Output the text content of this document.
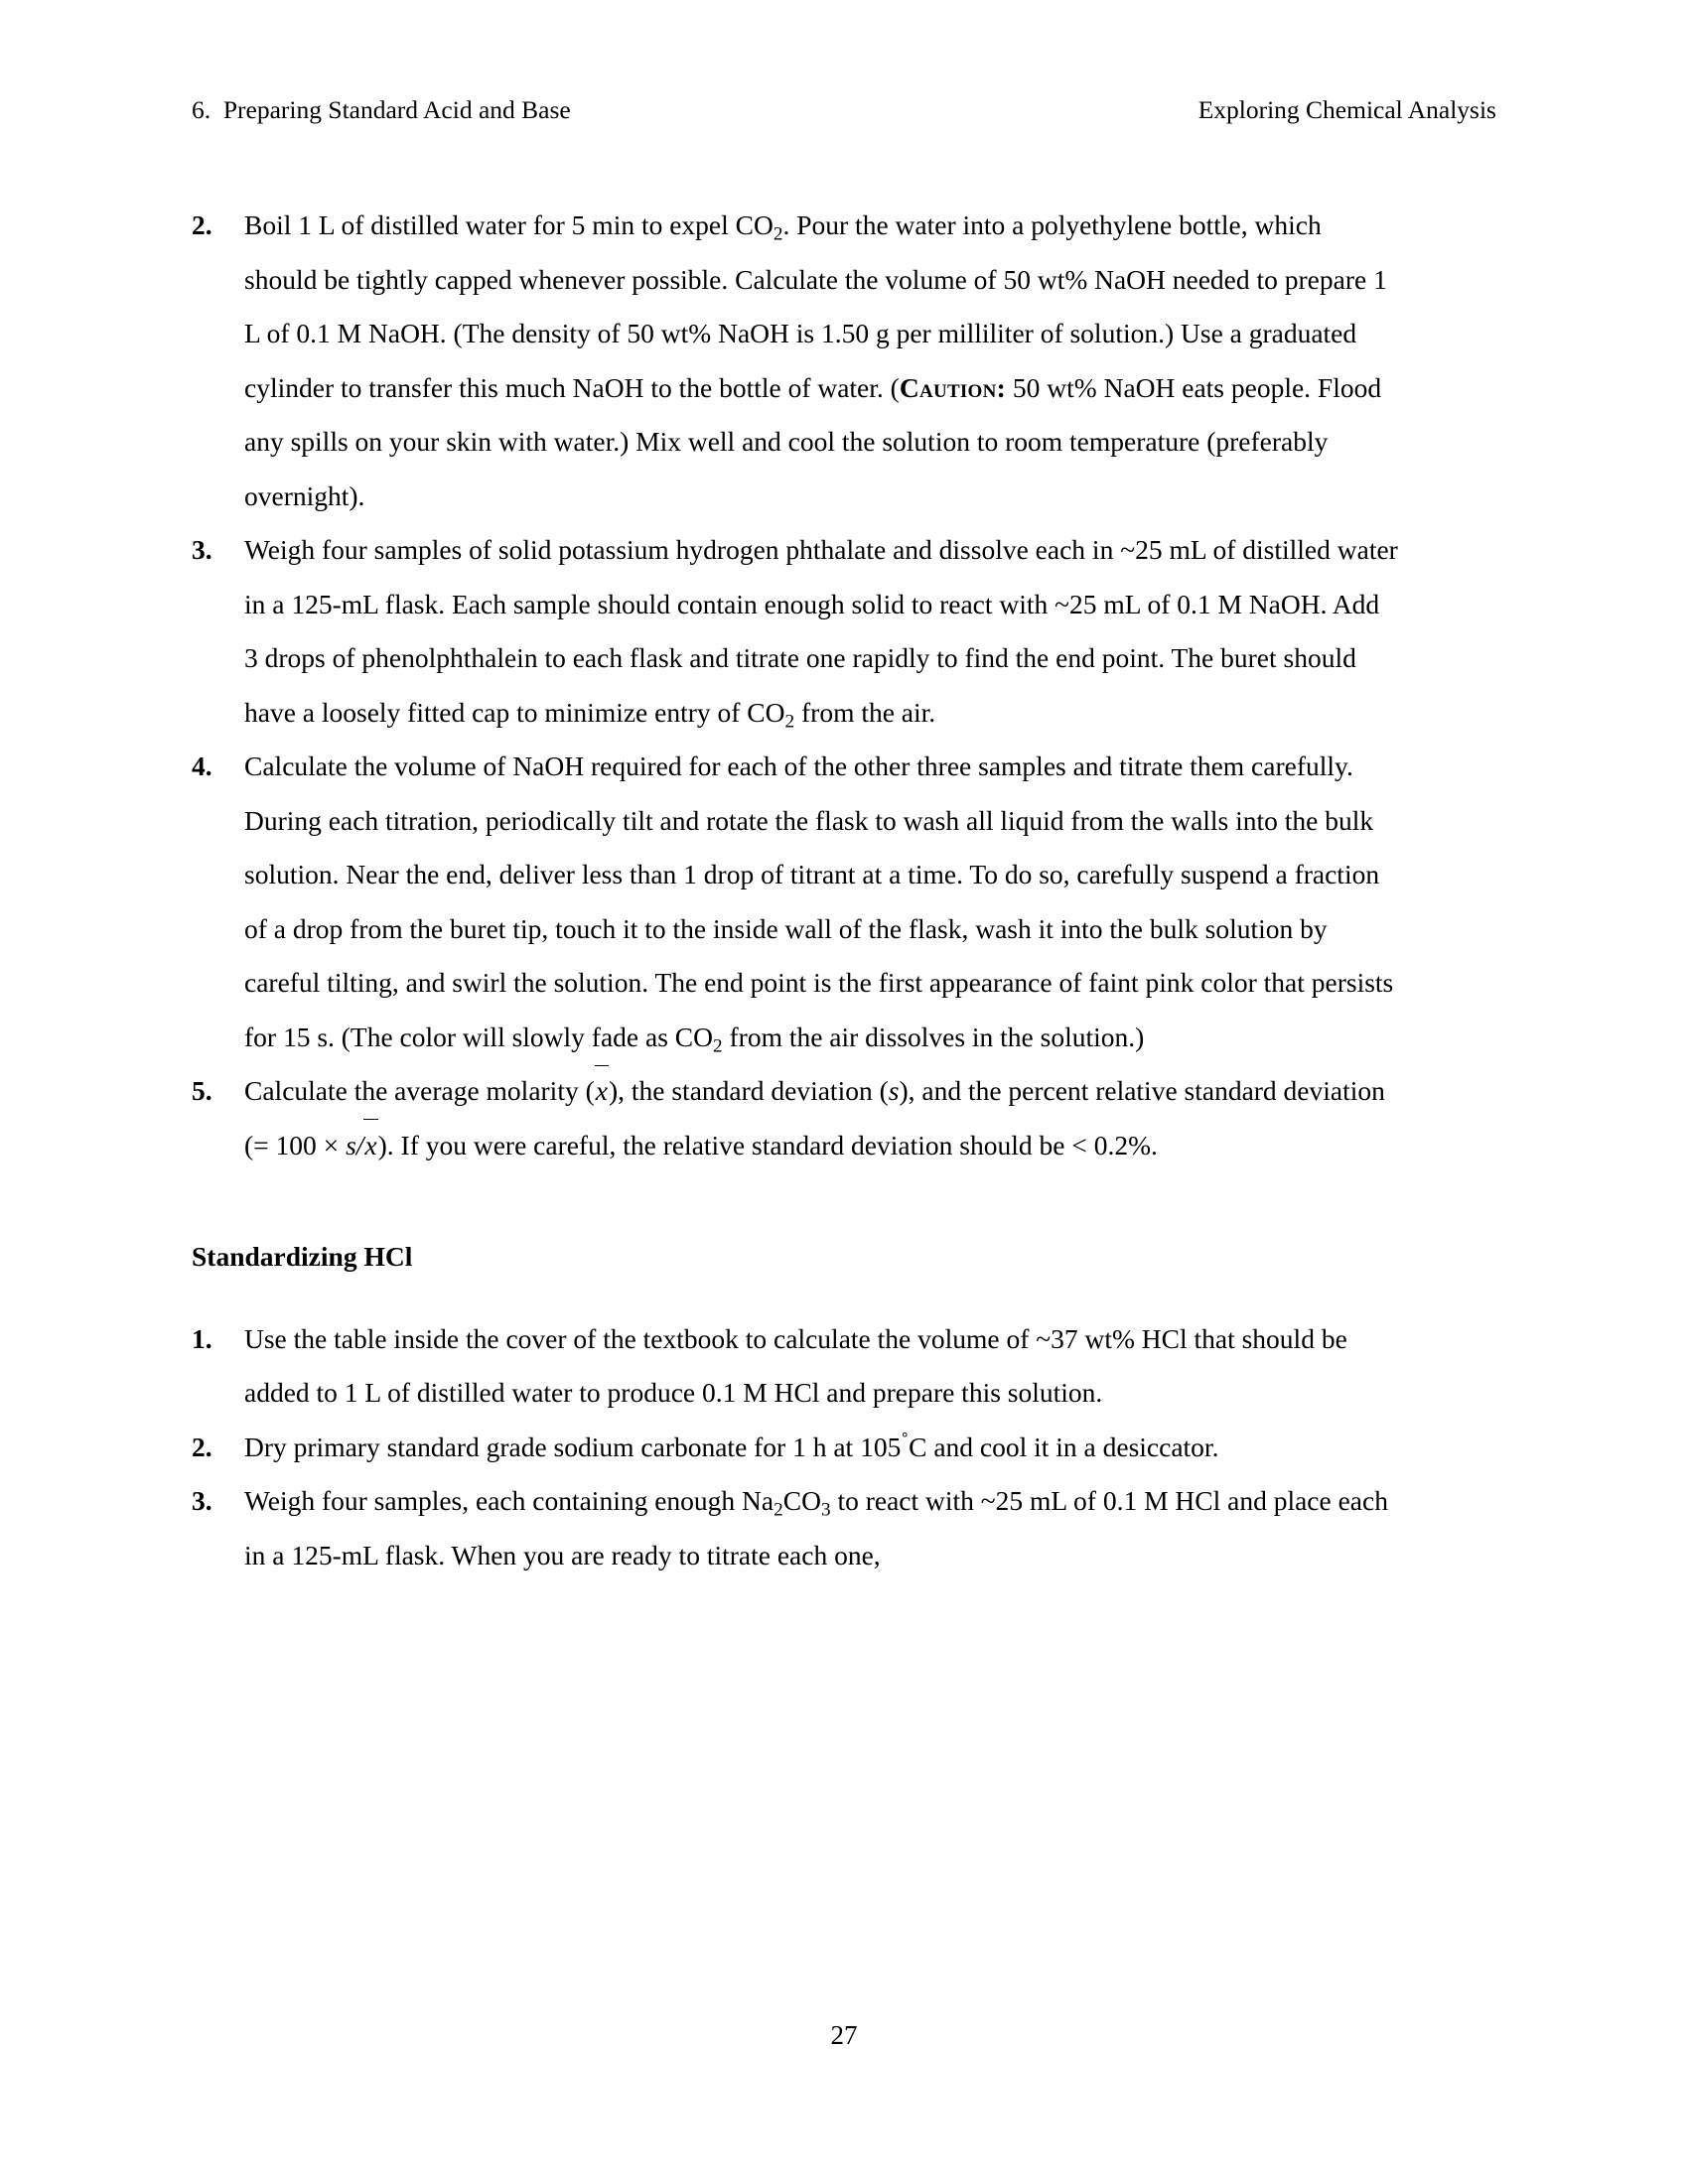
6.  Preparing Standard Acid and Base	Exploring Chemical Analysis
2. Boil 1 L of distilled water for 5 min to expel $CO_2$. Pour the water into a polyethylene bottle, which should be tightly capped whenever possible. Calculate the volume of 50 wt% NaOH needed to prepare 1 L of 0.1 M NaOH. (The density of 50 wt% NaOH is 1.50 g per milliliter of solution.) Use a graduated cylinder to transfer this much NaOH to the bottle of water. (Caution: 50 wt% NaOH eats people. Flood any spills on your skin with water.) Mix well and cool the solution to room temperature (preferably overnight).
3. Weigh four samples of solid potassium hydrogen phthalate and dissolve each in ~25 mL of distilled water in a 125-mL flask. Each sample should contain enough solid to react with ~25 mL of 0.1 M NaOH. Add 3 drops of phenolphthalein to each flask and titrate one rapidly to find the end point. The buret should have a loosely fitted cap to minimize entry of $CO_2$ from the air.
4. Calculate the volume of NaOH required for each of the other three samples and titrate them carefully. During each titration, periodically tilt and rotate the flask to wash all liquid from the walls into the bulk solution. Near the end, deliver less than 1 drop of titrant at a time. To do so, carefully suspend a fraction of a drop from the buret tip, touch it to the inside wall of the flask, wash it into the bulk solution by careful tilting, and swirl the solution. The end point is the first appearance of faint pink color that persists for 15 s. (The color will slowly fade as $CO_2$ from the air dissolves in the solution.)
5. Calculate the average molarity (x), the standard deviation (s), and the percent relative standard deviation (= 100 × s/x). If you were careful, the relative standard deviation should be < 0.2%.
Standardizing HCl
1. Use the table inside the cover of the textbook to calculate the volume of ~37 wt% HCl that should be added to 1 L of distilled water to produce 0.1 M HCl and prepare this solution.
2. Dry primary standard grade sodium carbonate for 1 h at 105˚C and cool it in a desiccator.
3. Weigh four samples, each containing enough $Na_2CO_3$ to react with ~25 mL of 0.1 M HCl and place each in a 125-mL flask. When you are ready to titrate each one,
27
